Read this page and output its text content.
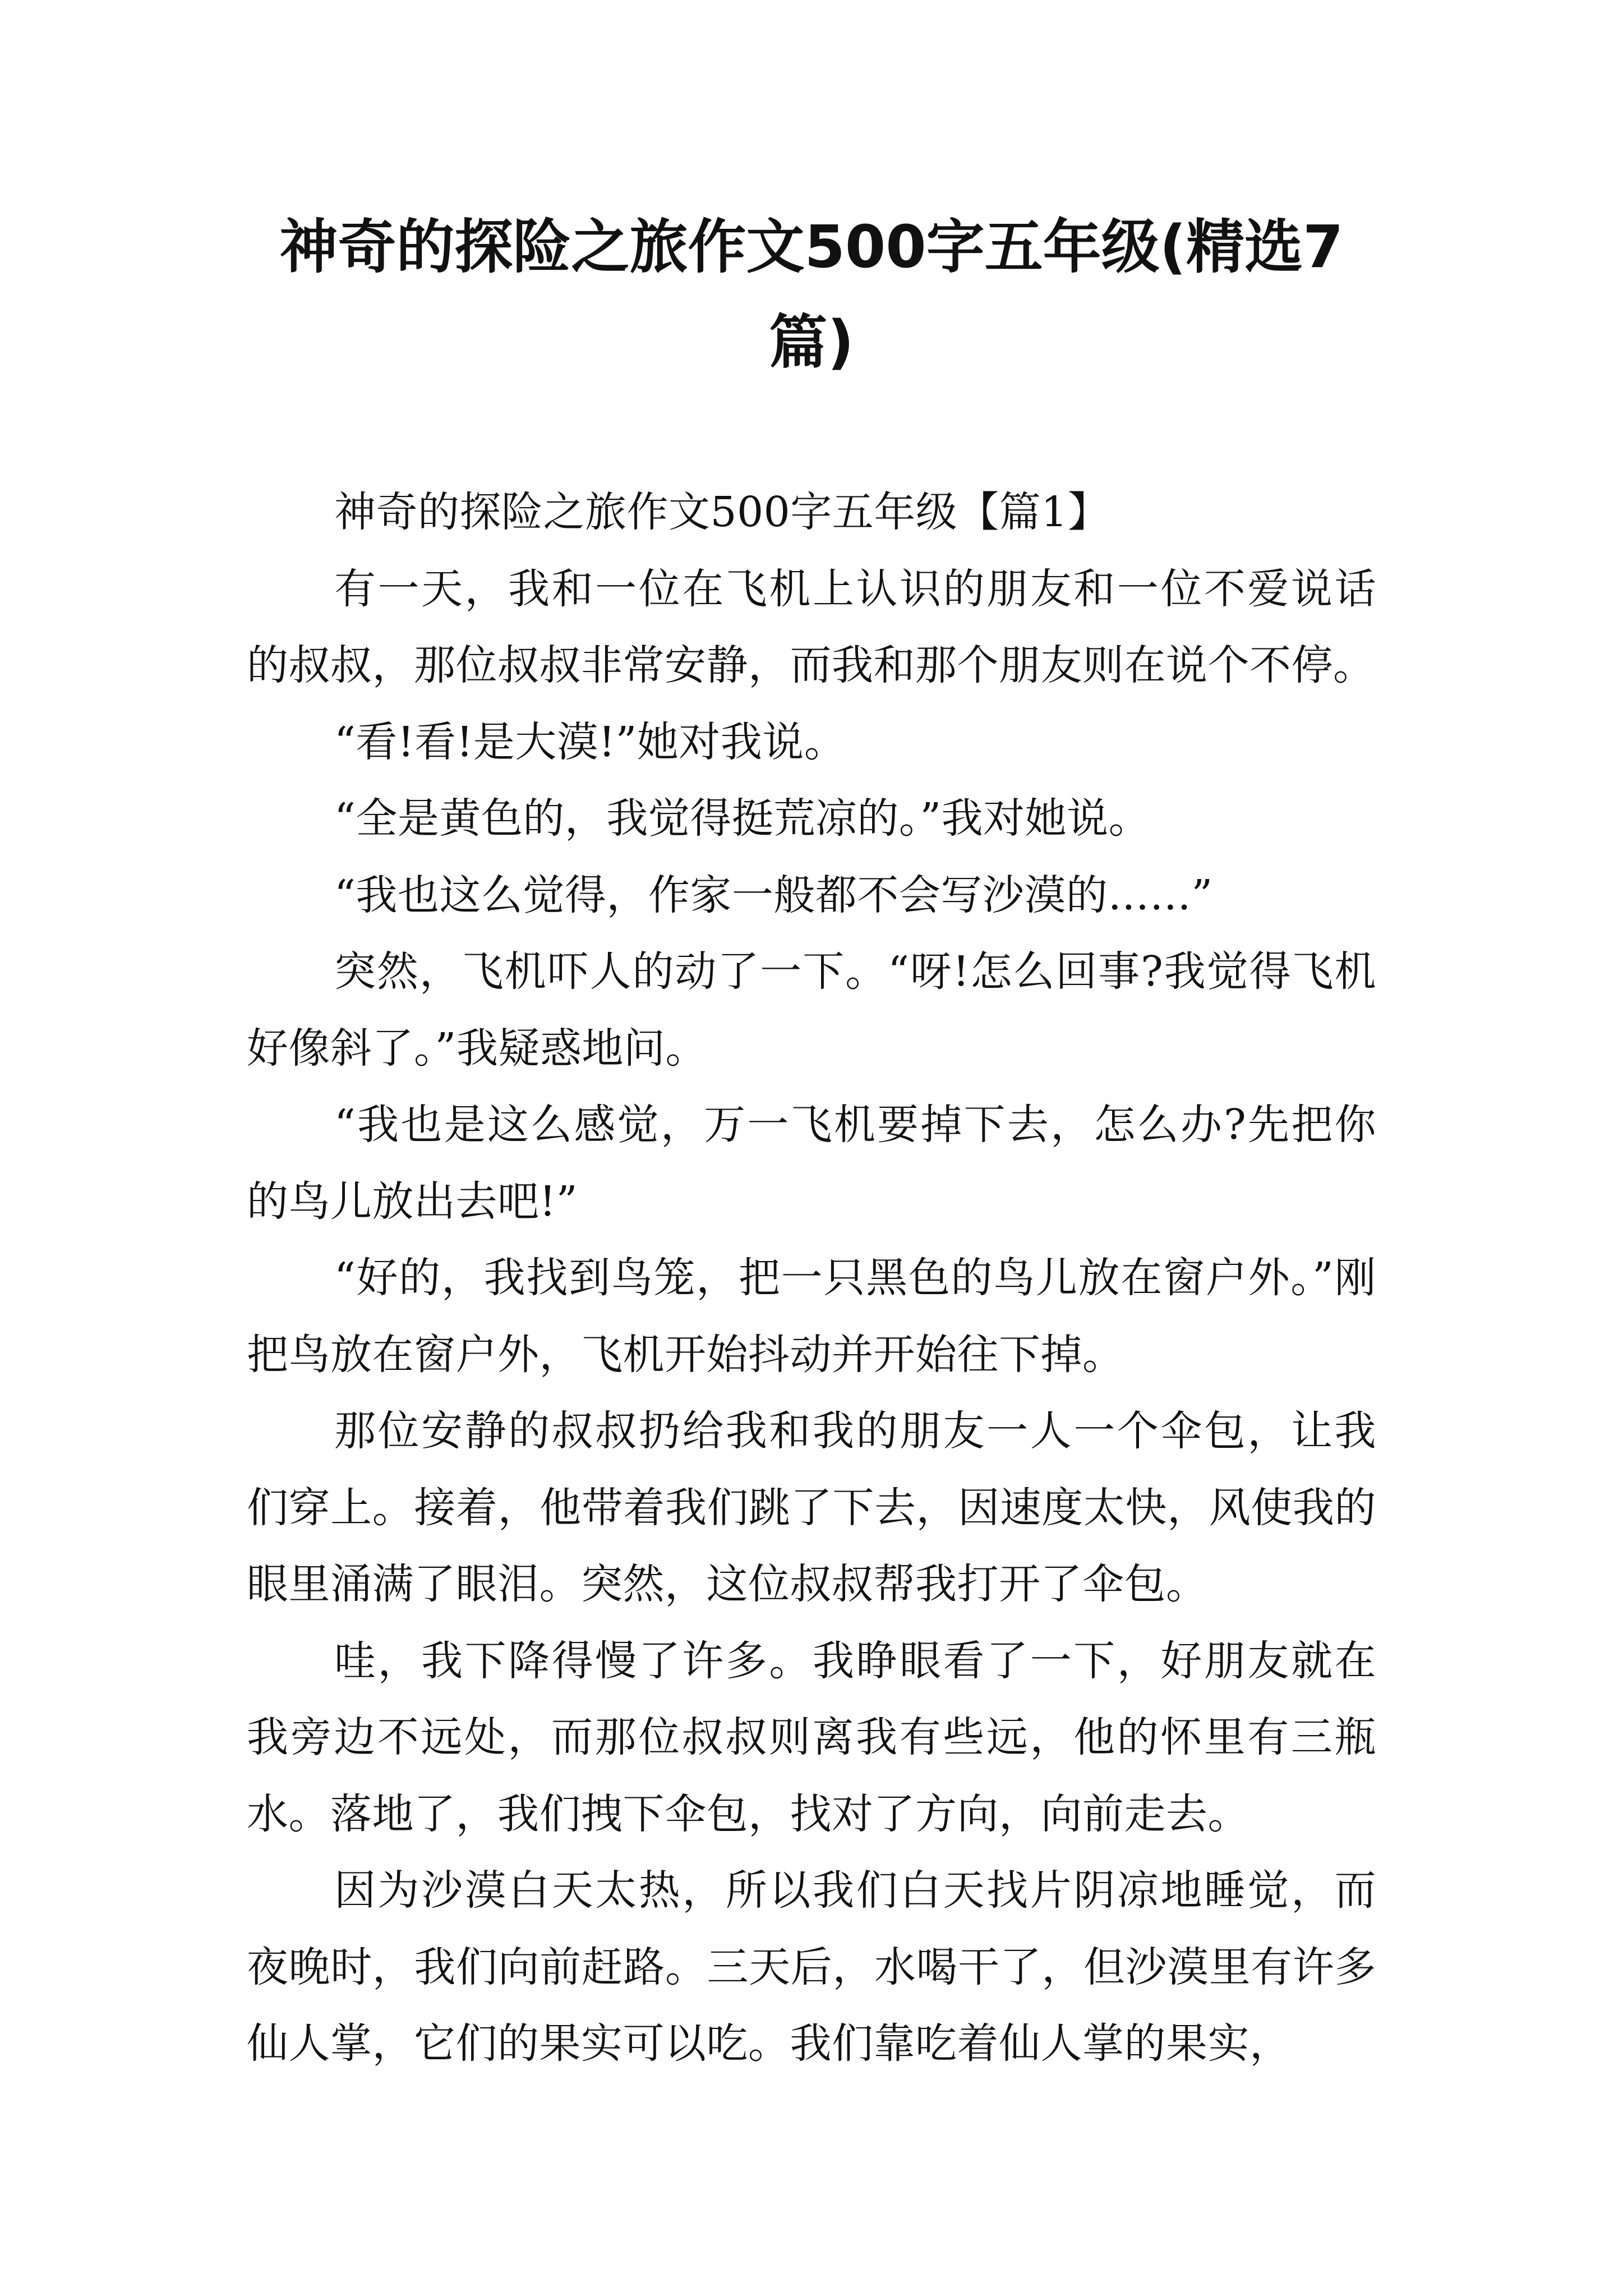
神奇的探险之旅作文500字五年级(精选7篇)

神奇的探险之旅作文500字五年级【篇1】

有一天，我和一位在飞机上认识的朋友和一位不爱说话的叔叔，那位叔叔非常安静，而我和那个朋友则在说个不停。

“看!看!是大漠!”她对我说。

“全是黄色的，我觉得挺荒凉的。”我对她说。

“我也这么觉得，作家一般都不会写沙漠的……”

突然，飞机吓人的动了一下。“呀!怎么回事?我觉得飞机好像斜了。”我疑惑地问。

“我也是这么感觉，万一飞机要掉下去，怎么办?先把你的鸟儿放出去吧!”

“好的，我找到鸟笼，把一只黑色的鸟儿放在窗户外。”刚把鸟放在窗户外，飞机开始抖动并开始往下掉。

那位安静的叔叔扔给我和我的朋友一人一个伞包，让我们穿上。接着，他带着我们跳了下去，因速度太快，风使我的眼里涌满了眼泪。突然，这位叔叔帮我打开了伞包。

哇，我下降得慢了许多。我睁眼看了一下，好朋友就在我旁边不远处，而那位叔叔则离我有些远，他的怀里有三瓶水。落地了，我们拽下伞包，找对了方向，向前走去。

因为沙漠白天太热，所以我们白天找片阴凉地睡觉，而夜晚时，我们向前赶路。三天后，水喝干了，但沙漠里有许多仙人掌，它们的果实可以吃。我们靠吃着仙人掌的果实，
